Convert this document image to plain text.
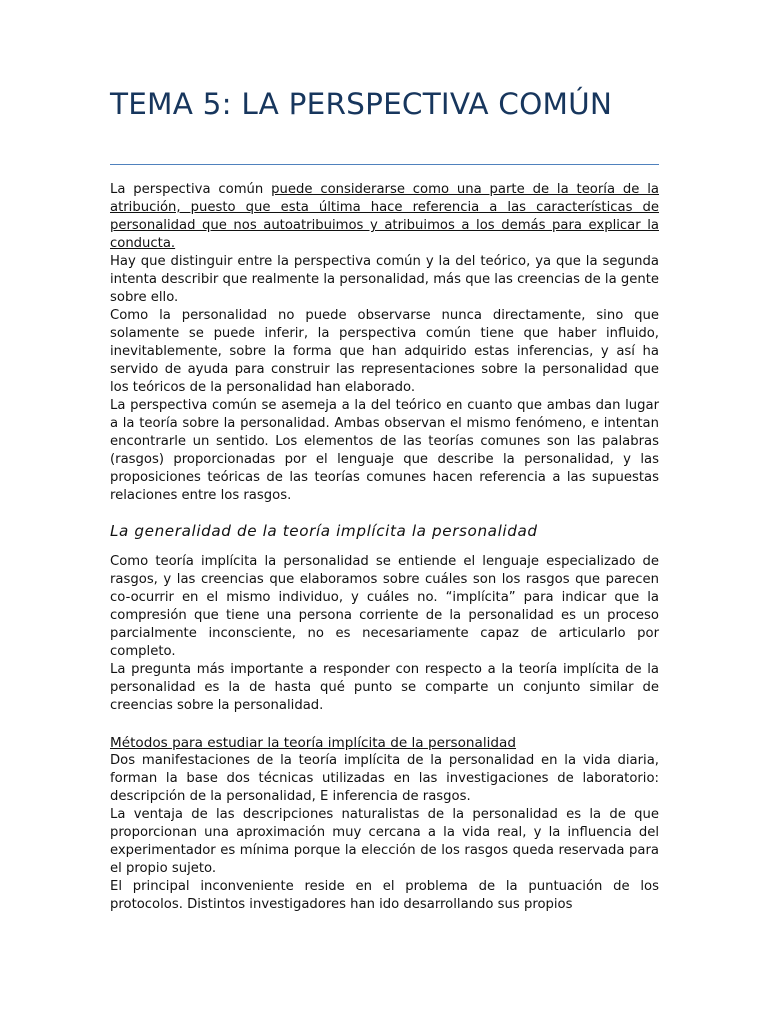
TEMA 5: LA PERSPECTIVA COMÚN

La perspectiva común puede considerarse como una parte de la teoría de la atribución, puesto que esta última hace referencia a las características de personalidad que nos autoatribuimos y atribuimos a los demás para explicar la conducta.

Hay que distinguir entre la perspectiva común y la del teórico, ya que la segunda intenta describir que realmente la personalidad, más que las creencias de la gente sobre ello.

Como la personalidad no puede observarse nunca directamente, sino que solamente se puede inferir, la perspectiva común tiene que haber influido, inevitablemente, sobre la forma que han adquirido estas inferencias, y así ha servido de ayuda para construir las representaciones sobre la personalidad que los teóricos de la personalidad han elaborado.

La perspectiva común se asemeja a la del teórico en cuanto que ambas dan lugar a la teoría sobre la personalidad. Ambas observan el mismo fenómeno, e intentan encontrarle un sentido. Los elementos de las teorías comunes son las palabras (rasgos) proporcionadas por el lenguaje que describe la personalidad, y las proposiciones teóricas de las teorías comunes hacen referencia a las supuestas relaciones entre los rasgos.

La generalidad de la teoría implícita la personalidad

Como teoría implícita la personalidad se entiende el lenguaje especializado de rasgos, y las creencias que elaboramos sobre cuáles son los rasgos que parecen co-ocurrir en el mismo individuo, y cuáles no. “implícita” para indicar que la compresión que tiene una persona corriente de la personalidad es un proceso parcialmente inconsciente, no es necesariamente capaz de articularlo por completo.

La pregunta más importante a responder con respecto a la teoría implícita de la personalidad es la de hasta qué punto se comparte un conjunto similar de creencias sobre la personalidad.

Métodos para estudiar la teoría implícita de la personalidad

Dos manifestaciones de la teoría implícita de la personalidad en la vida diaria, forman la base dos técnicas utilizadas en las investigaciones de laboratorio: descripción de la personalidad, E inferencia de rasgos.

La ventaja de las descripciones naturalistas de la personalidad es la de que proporcionan una aproximación muy cercana a la vida real, y la influencia del experimentador es mínima porque la elección de los rasgos queda reservada para el propio sujeto.

El principal inconveniente reside en el problema de la puntuación de los protocolos. Distintos investigadores han ido desarrollando sus propios
